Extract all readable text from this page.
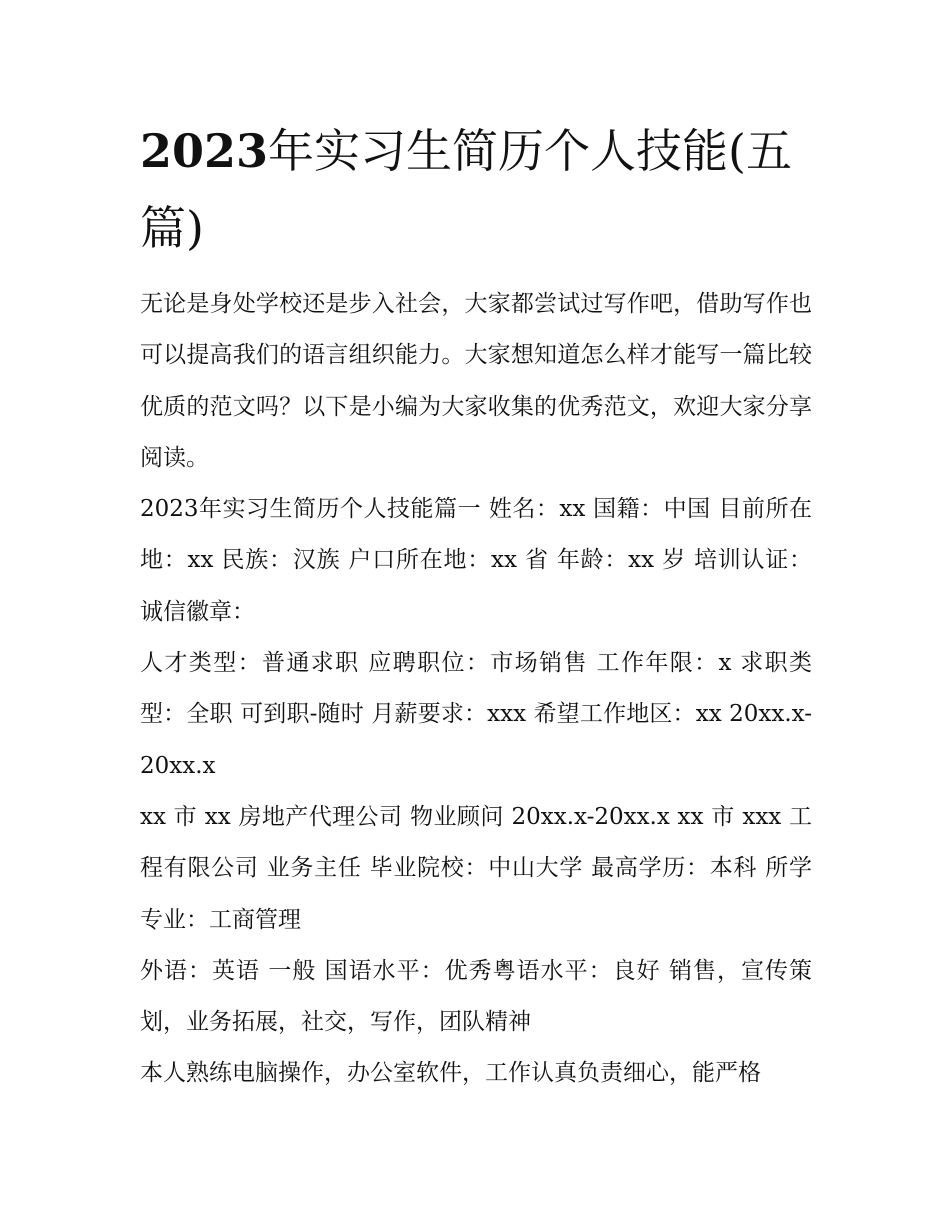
2023年实习生简历个人技能(五篇)

无论是身处学校还是步入社会，大家都尝试过写作吧，借助写作也可以提高我们的语言组织能力。大家想知道怎么样才能写一篇比较优质的范文吗？以下是小编为大家收集的优秀范文，欢迎大家分享阅读。

2023年实习生简历个人技能篇一 姓名：xx 国籍：中国 目前所在地：xx 民族：汉族 户口所在地：xx 省 年龄：xx 岁 培训认证：诚信徽章：

人才类型：普通求职 应聘职位：市场销售 工作年限：x 求职类型：全职 可到职-随时 月薪要求：xxx 希望工作地区：xx 20xx.x-20xx.x

xx 市 xx 房地产代理公司 物业顾问 20xx.x-20xx.x xx 市 xxx 工程有限公司 业务主任 毕业院校：中山大学 最高学历：本科 所学专业：工商管理

外语：英语 一般 国语水平：优秀粤语水平：良好 销售，宣传策划，业务拓展，社交，写作，团队精神

本人熟练电脑操作，办公室软件，工作认真负责细心，能严格
